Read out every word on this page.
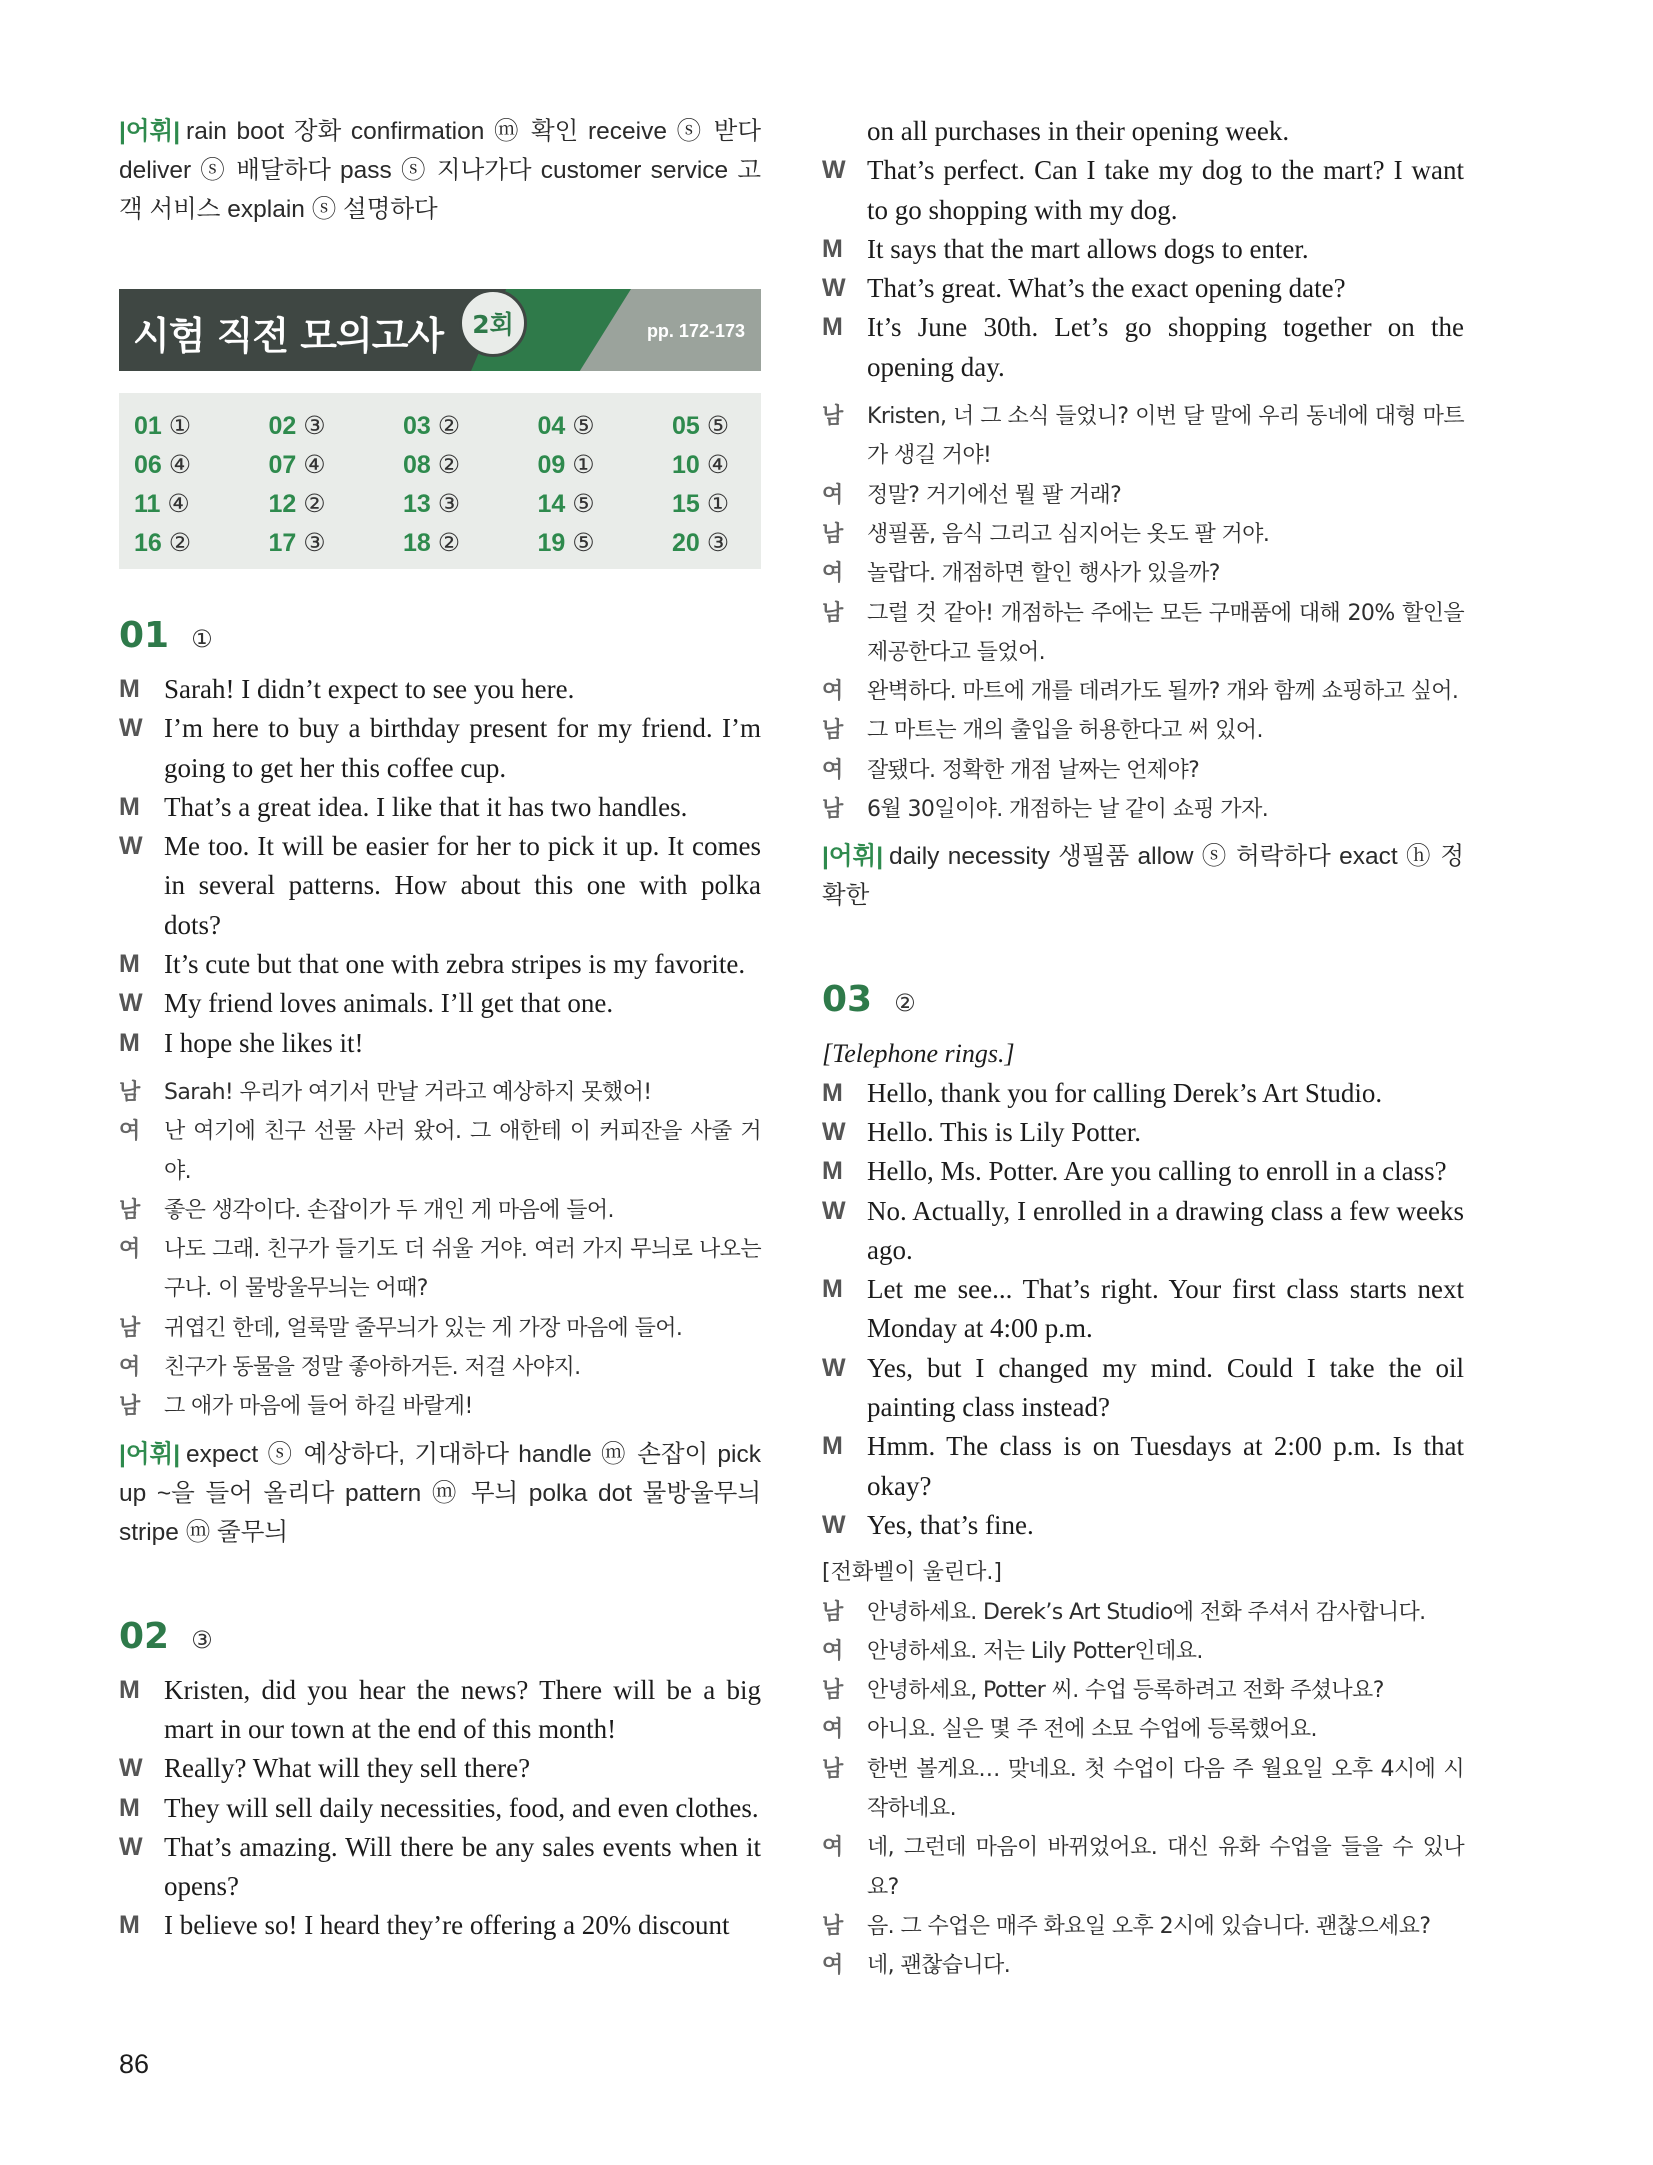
|어휘| rain boot 장화 confirmation ⓜ 확인 receive ⓢ 받다 deliver ⓢ 배달하다 pass ⓢ 지나가다 customer service 고객 서비스 explain ⓢ 설명하다

시험 직전 모의고사	2회	pp. 172-173
01 ①	02 ③	03 ②	04 ⑤	05 ⑤
06 ④	07 ④	08 ②	09 ①	10 ④
11 ④	12 ②	13 ③	14 ⑤	15 ①
16 ②	17 ③	18 ②	19 ⑤	20 ③
01 ①
M Sarah! I didn’t expect to see you here.
W I’m here to buy a birthday present for my friend. I’m going to get her this coffee cup.
M That’s a great idea. I like that it has two handles.
W Me too. It will be easier for her to pick it up. It comes in several patterns. How about this one with polka dots?
M It’s cute but that one with zebra stripes is my favorite.
W My friend loves animals. I’ll get that one.
M I hope she likes it!
남	Sarah! 우리가 여기서 만날 거라고 예상하지 못했어!
여	난 여기에 친구 선물 사러 왔어. 그 애한테 이 커피잔을 사줄 거야.
남	좋은 생각이다. 손잡이가 두 개인 게 마음에 들어.
여	나도 그래. 친구가 들기도 더 쉬울 거야. 여러 가지 무늬로 나오는구나. 이 물방울무늬는 어때?
남	귀엽긴 한데, 얼룩말 줄무늬가 있는 게 가장 마음에 들어.
여	친구가 동물을 정말 좋아하거든. 저걸 사야지.
남	그 애가 마음에 들어 하길 바랄게!

|어휘| expect ⓢ 예상하다, 기대하다 handle ⓜ 손잡이 pick up ~을 들어 올리다 pattern ⓜ 무늬 polka dot 물방울무늬 stripe ⓜ 줄무늬

02 ③
M Kristen, did you hear the news? There will be a big mart in our town at the end of this month!
W Really? What will they sell there?
M They will sell daily necessities, food, and even clothes.
W That’s amazing. Will there be any sales events when it opens?
M I believe so! I heard they’re offering a 20% discount
on all purchases in their opening week.
W That’s perfect. Can I take my dog to the mart? I want to go shopping with my dog.
M It says that the mart allows dogs to enter.
W That’s great. What’s the exact opening date?
M It’s June 30th. Let’s go shopping together on the opening day.
남	Kristen, 너 그 소식 들었니? 이번 달 말에 우리 동네에 대형 마트가 생길 거야!
여	정말? 거기에선 뭘 팔 거래?
남	생필품, 음식 그리고 심지어는 옷도 팔 거야.
여	놀랍다. 개점하면 할인 행사가 있을까?
남	그럴 것 같아! 개점하는 주에는 모든 구매품에 대해 20% 할인을 제공한다고 들었어.
여	완벽하다. 마트에 개를 데려가도 될까? 개와 함께 쇼핑하고 싶어.
남	그 마트는 개의 출입을 허용한다고 써 있어.
여	잘됐다. 정확한 개점 날짜는 언제야?
남	6월 30일이야. 개점하는 날 같이 쇼핑 가자.

|어휘| daily necessity 생필품 allow ⓢ 허락하다 exact ⓗ 정확한

03 ②
[Telephone rings.]
M Hello, thank you for calling Derek’s Art Studio.
W Hello. This is Lily Potter.
M Hello, Ms. Potter. Are you calling to enroll in a class?
W No. Actually, I enrolled in a drawing class a few weeks ago.
M Let me see... That’s right. Your first class starts next Monday at 4:00 p.m.
W Yes, but I changed my mind. Could I take the oil painting class instead?
M Hmm. The class is on Tuesdays at 2:00 p.m. Is that okay?
W Yes, that’s fine.
[전화벨이 울린다.]
남	안녕하세요. Derek’s Art Studio에 전화 주셔서 감사합니다.
여	안녕하세요. 저는 Lily Potter인데요.
남	안녕하세요, Potter 씨. 수업 등록하려고 전화 주셨나요?
여	아니요. 실은 몇 주 전에 소묘 수업에 등록했어요.
남	한번 볼게요… 맞네요. 첫 수업이 다음 주 월요일 오후 4시에 시작하네요.
여	네, 그런데 마음이 바뀌었어요. 대신 유화 수업을 들을 수 있나요?
남	음. 그 수업은 매주 화요일 오후 2시에 있습니다. 괜찮으세요?
여	네, 괜찮습니다.
86
